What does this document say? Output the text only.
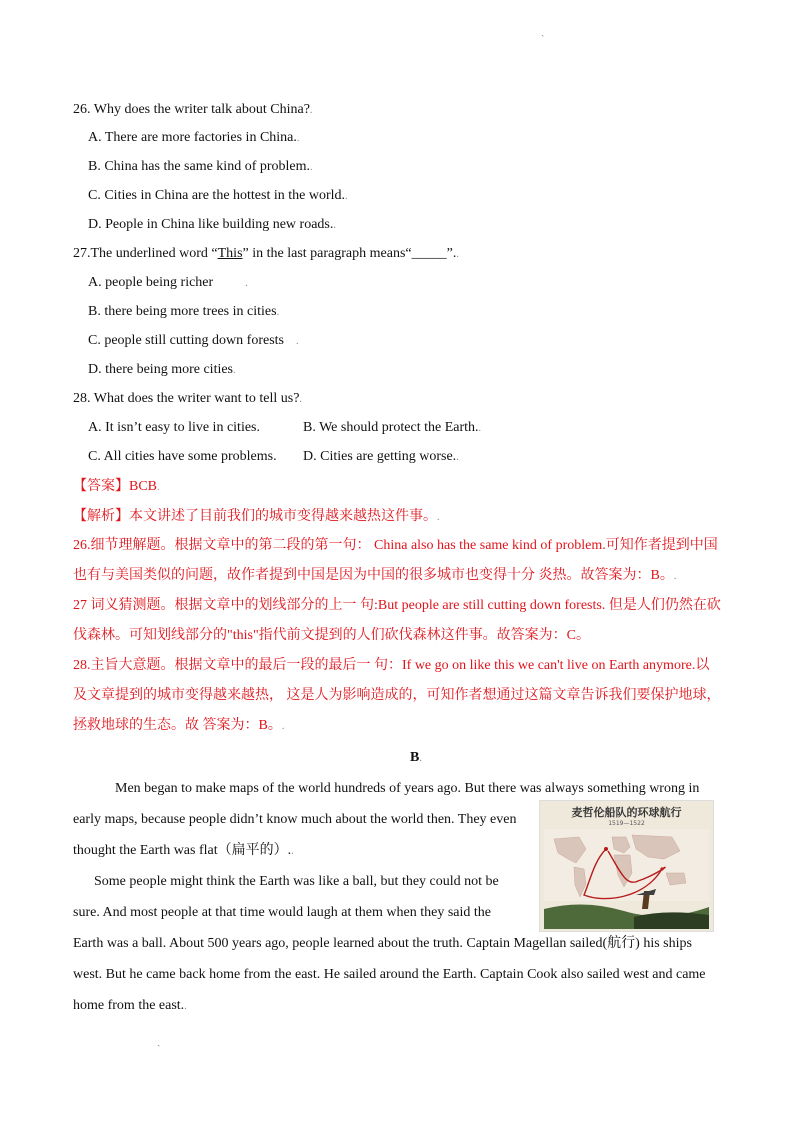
ˎ
26. Why does the writer talk about China?.
A. There are more factories in China..
B. China has the same kind of problem..
C. Cities in China are the hottest in the world..
D. People in China like building new roads..
27.The underlined word “This” in the last paragraph means“_____”..
A. people being richer	.
B. there being more trees in cities.
C. people still cutting down forests .
D. there being more cities.
28. What does the writer want to tell us?.
A. It isn’t easy to live in cities.	B. We should protect the Earth..
C. All cities have some problems. D. Cities are getting worse..
【答案】BCB.
【解析】本文讲述了目前我们的城市变得越来越热这件事。.
26.细节理解题。根据文章中的第二段的第一句： China also has the same kind of problem.可知作者提到中国
也有与美国类似的问题，故作者提到中国是因为中国的很多城市也变得十分 炎热。故答案为：B。.
27 词义猜测题。根据文章中的划线部分的上一 句:But people are still cutting down forests. 但是人们仍然在砍
伐森林。可知划线部分的"this"指代前文提到的人们砍伐森林这件事。故答案为：C。
28.主旨大意题。根据文章中的最后一段的最后一 句：If we go on like this we can't live on Earth anymore.以
及文章提到的城市变得越来越热， 这是人为影响造成的，可知作者想通过这篇文章告诉我们要保护地球，
拯救地球的生态。故 答案为：B。.
B.
Men began to make maps of the world hundreds of years ago. But there was always something wrong in
early maps, because people didn’t know much about the world then. They even
thought the Earth was flat（扁平的）..
Some people might think the Earth was like a ball, but they could not be
sure. And most people at that time would laugh at them when they said the
Earth was a ball. About 500 years ago, people learned about the truth. Captain Magellan sailed(航行) his ships
west. But he came back home from the east. He sailed around the Earth. Captain Cook also sailed west and came
home from the east..
麦哲伦船队的环球航行
1519—1522
ˎ
